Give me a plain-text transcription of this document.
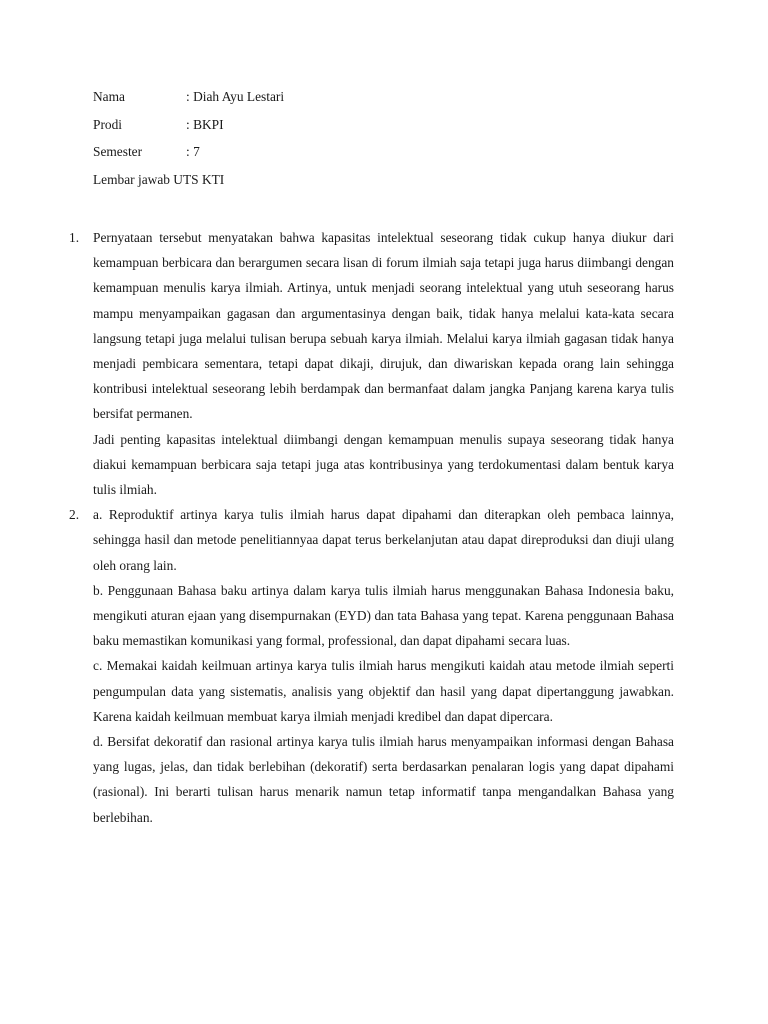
Nama	: Diah Ayu Lestari
Prodi	: BKPI
Semester	: 7
Lembar jawab UTS KTI
1. Pernyataan tersebut menyatakan bahwa kapasitas intelektual seseorang tidak cukup hanya diukur dari kemampuan berbicara dan berargumen secara lisan di forum ilmiah saja tetapi juga harus diimbangi dengan kemampuan menulis karya ilmiah. Artinya, untuk menjadi seorang intelektual yang utuh seseorang harus mampu menyampaikan gagasan dan argumentasinya dengan baik, tidak hanya melalui kata-kata secara langsung tetapi juga melalui tulisan berupa sebuah karya ilmiah. Melalui karya ilmiah gagasan tidak hanya menjadi pembicara sementara, tetapi dapat dikaji, dirujuk, dan diwariskan kepada orang lain sehingga kontribusi intelektual seseorang lebih berdampak dan bermanfaat dalam jangka Panjang karena karya tulis bersifat permanen.

Jadi penting kapasitas intelektual diimbangi dengan kemampuan menulis supaya seseorang tidak hanya diakui kemampuan berbicara saja tetapi juga atas kontribusinya yang terdokumentasi dalam bentuk karya tulis ilmiah.

2. a. Reproduktif artinya karya tulis ilmiah harus dapat dipahami dan diterapkan oleh pembaca lainnya, sehingga hasil dan metode penelitiannyaa dapat terus berkelanjutan atau dapat direproduksi dan diuji ulang oleh orang lain.

b. Penggunaan Bahasa baku artinya dalam karya tulis ilmiah harus menggunakan Bahasa Indonesia baku, mengikuti aturan ejaan yang disempurnakan (EYD) dan tata Bahasa yang tepat. Karena penggunaan Bahasa baku memastikan komunikasi yang formal, professional, dan dapat dipahami secara luas.

c. Memakai kaidah keilmuan artinya karya tulis ilmiah harus mengikuti kaidah atau metode ilmiah seperti pengumpulan data yang sistematis, analisis yang objektif dan hasil yang dapat dipertanggung jawabkan. Karena kaidah keilmuan membuat karya ilmiah menjadi kredibel dan dapat dipercara.

d. Bersifat dekoratif dan rasional artinya karya tulis ilmiah harus menyampaikan informasi dengan Bahasa yang lugas, jelas, dan tidak berlebihan (dekoratif) serta berdasarkan penalaran logis yang dapat dipahami (rasional). Ini berarti tulisan harus menarik namun tetap informatif tanpa mengandalkan Bahasa yang berlebihan.
